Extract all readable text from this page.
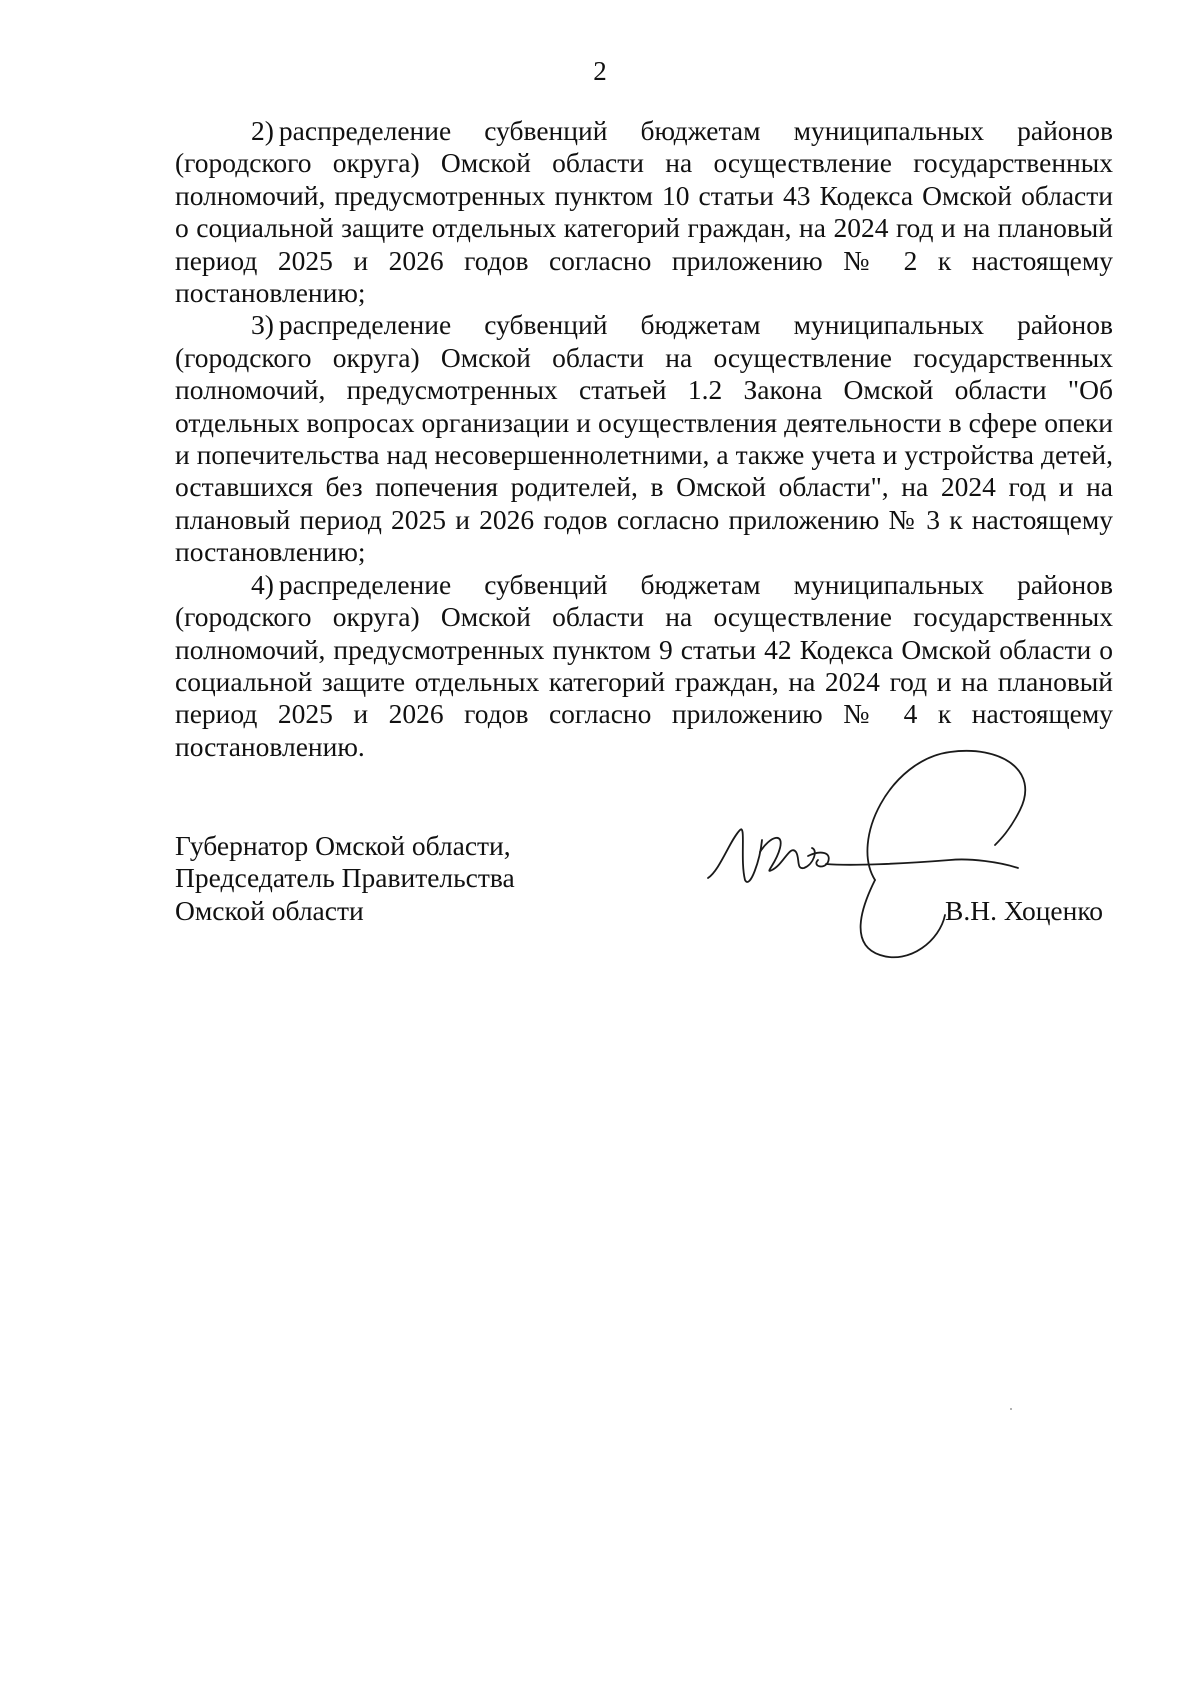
2

2) распределение субвенций бюджетам муниципальных районов (городского округа) Омской области на осуществление государственных полномочий, предусмотренных пунктом 10 статьи 43 Кодекса Омской области о социальной защите отдельных категорий граждан, на 2024 год и на плановый период 2025 и 2026 годов согласно приложению № 2 к настоящему постановлению;

3) распределение субвенций бюджетам муниципальных районов (городского округа) Омской области на осуществление государственных полномочий, предусмотренных статьей 1.2 Закона Омской области "Об отдельных вопросах организации и осуществления деятельности в сфере опеки и попечительства над несовершеннолетними, а также учета и устройства детей, оставшихся без попечения родителей, в Омской области", на 2024 год и на плановый период 2025 и 2026 годов согласно приложению № 3 к настоящему постановлению;

4) распределение субвенций бюджетам муниципальных районов (городского округа) Омской области на осуществление государственных полномочий, предусмотренных пунктом 9 статьи 42 Кодекса Омской области о социальной защите отдельных категорий граждан, на 2024 год и на плановый период 2025 и 2026 годов согласно приложению № 4 к настоящему постановлению.

Губернатор Омской области,
Председатель Правительства
Омской области	В.Н. Хоценко
